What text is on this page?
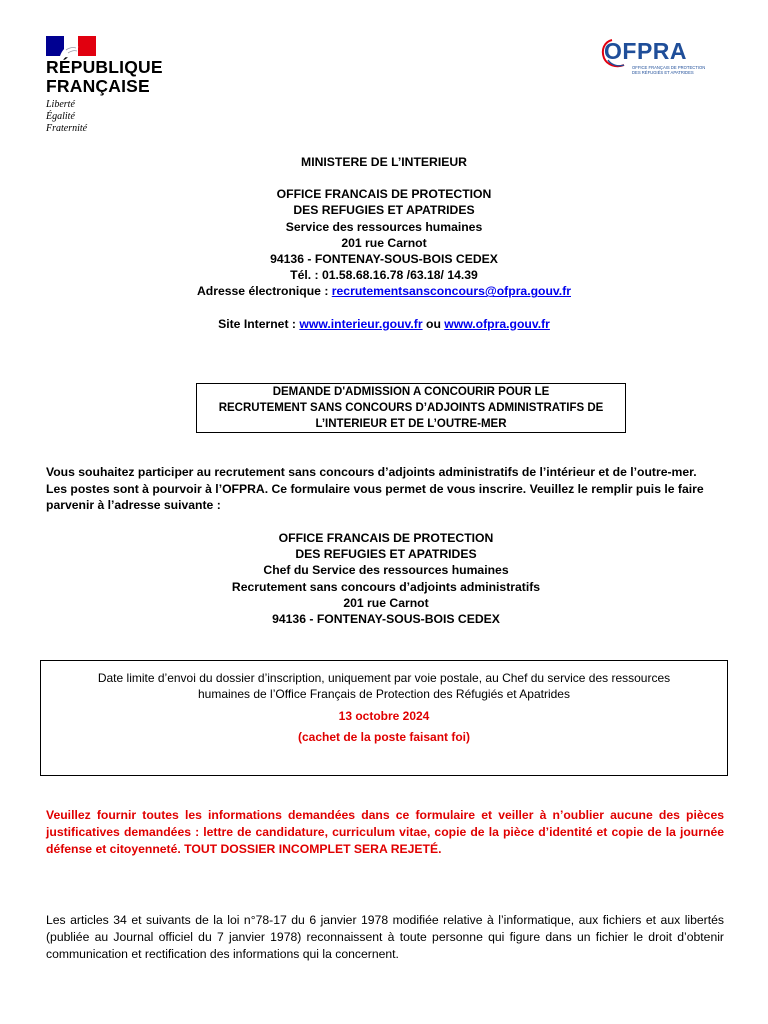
RÉPUBLIQUE
FRANÇAISE
Liberté
Égalité
Fraternité
OFPRA
OFFICE FRANÇAIS DE PROTECTION DES RÉFUGIÉS ET APATRIDES
MINISTERE DE L’INTERIEUR
OFFICE FRANCAIS DE PROTECTION
DES REFUGIES ET APATRIDES
Service des ressources humaines
201 rue Carnot
94136 - FONTENAY-SOUS-BOIS CEDEX
Tél. : 01.58.68.16.78 /63.18/ 14.39
Adresse électronique : recrutementsansconcours@ofpra.gouv.fr
Site Internet : www.interieur.gouv.fr ou www.ofpra.gouv.fr
DEMANDE D'ADMISSION A CONCOURIR POUR LE
RECRUTEMENT SANS CONCOURS D’ADJOINTS ADMINISTRATIFS DE
L’INTERIEUR ET DE L’OUTRE-MER
Vous souhaitez participer au recrutement sans concours d’adjoints administratifs de l’intérieur et de l’outre-mer.
Les postes sont à pourvoir à l’OFPRA. Ce formulaire vous permet de vous inscrire. Veuillez le remplir puis le faire
parvenir à l’adresse suivante :
OFFICE FRANCAIS DE PROTECTION
DES REFUGIES ET APATRIDES
Chef du Service des ressources humaines
Recrutement sans concours d’adjoints administratifs
201 rue Carnot
94136 - FONTENAY-SOUS-BOIS CEDEX
Date limite d’envoi du dossier d’inscription, uniquement par voie postale, au Chef du service des ressources
humaines de l’Office Français de Protection des Réfugiés et Apatrides
13 octobre 2024
(cachet de la poste faisant foi)
Veuillez fournir toutes les informations demandées dans ce formulaire et veiller à n’oublier aucune des pièces justificatives demandées : lettre de candidature, curriculum vitae, copie de la pièce d’identité et copie de la journée défense et citoyenneté. TOUT DOSSIER INCOMPLET SERA REJETÉ.
Les articles 34 et suivants de la loi n°78-17 du 6 janvier 1978 modifiée relative à l’informatique, aux fichiers et aux libertés (publiée au Journal officiel du 7 janvier 1978) reconnaissent à toute personne qui figure dans un fichier le droit d’obtenir communication et rectification des informations qui la concernent.
